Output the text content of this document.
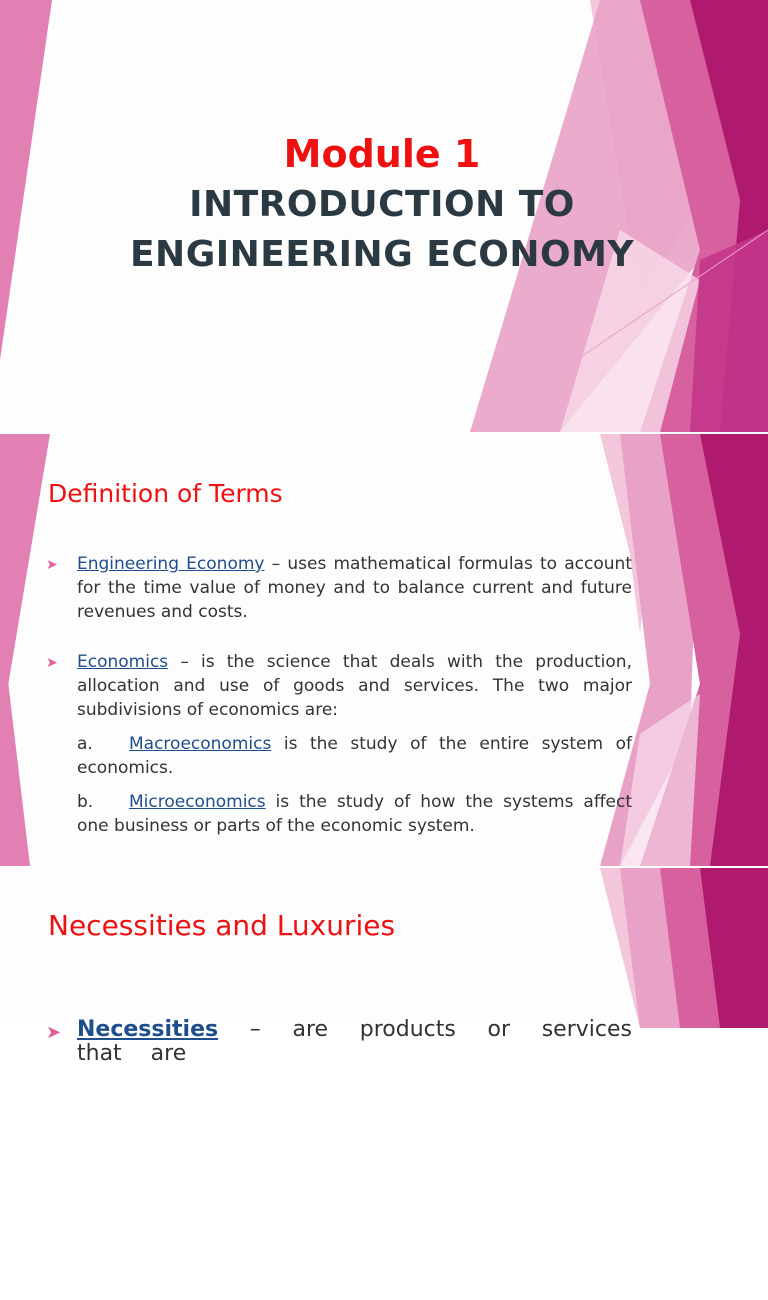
Module 1
INTRODUCTION TO
ENGINEERING ECONOMY
Definition of Terms
➤ Engineering Economy – uses mathematical formulas to account for the time value of money and to balance current and future revenues and costs.
➤ Economics – is the science that deals with the production, allocation and use of goods and services. The two major subdivisions of economics are:
a. Macroeconomics is the study of the entire system of economics.
b. Microeconomics is the study of how the systems affect one business or parts of the economic system.
Necessities and Luxuries
➤ Necessities – are products or services that are
